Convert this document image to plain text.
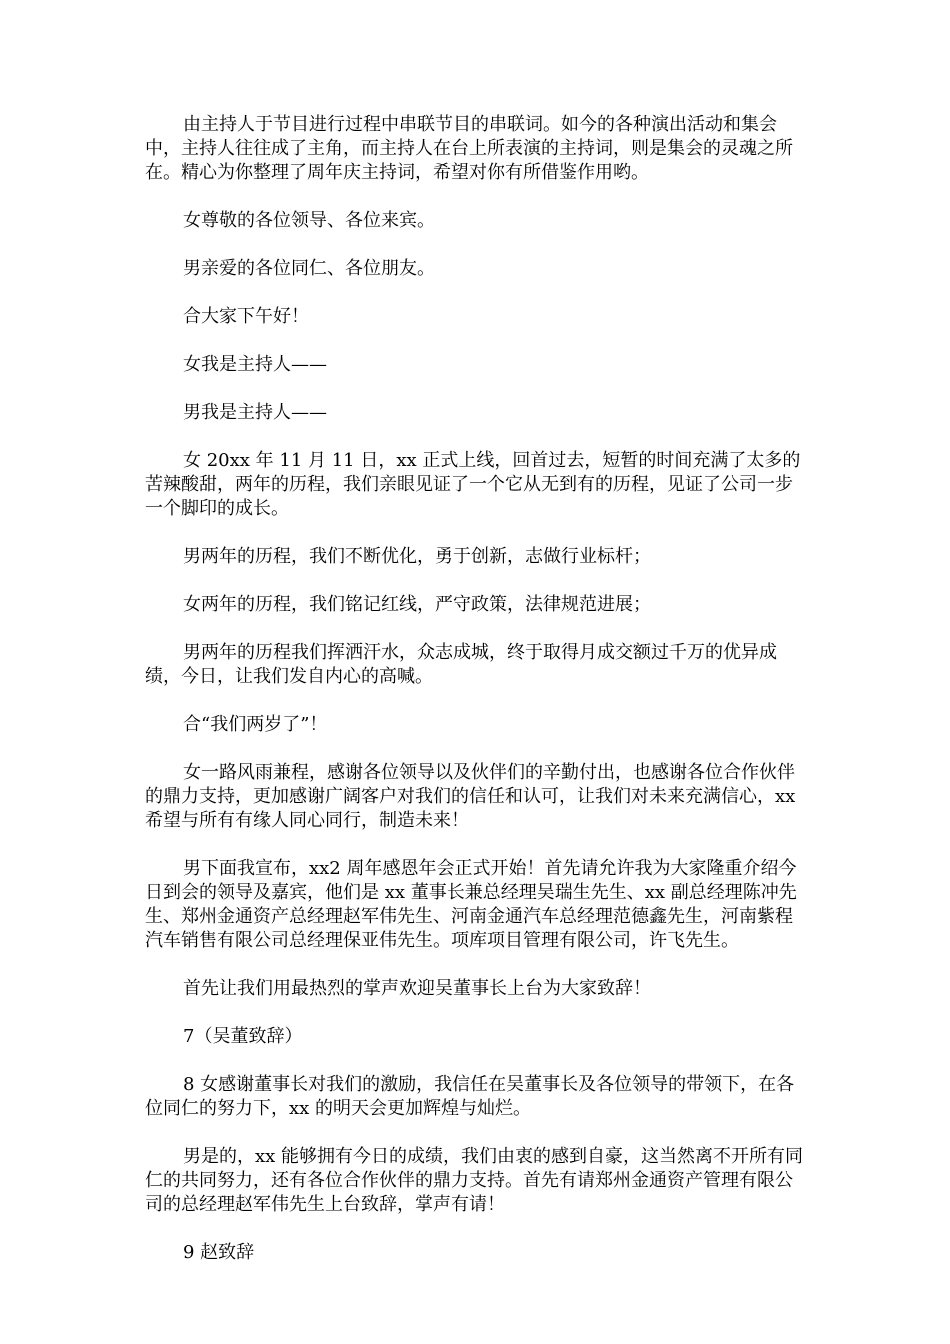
由主持人于节目进行过程中串联节目的串联词。如今的各种演出活动和集会中，主持人往往成了主角，而主持人在台上所表演的主持词，则是集会的灵魂之所在。精心为你整理了周年庆主持词，希望对你有所借鉴作用哟。

女尊敬的各位领导、各位来宾。

男亲爱的各位同仁、各位朋友。

合大家下午好！

女我是主持人——

男我是主持人——

女 20xx 年 11 月 11 日，xx 正式上线，回首过去，短暂的时间充满了太多的苦辣酸甜，两年的历程，我们亲眼见证了一个它从无到有的历程，见证了公司一步一个脚印的成长。

男两年的历程，我们不断优化，勇于创新，志做行业标杆；

女两年的历程，我们铭记红线，严守政策，法律规范进展；

男两年的历程我们挥洒汗水，众志成城，终于取得月成交额过千万的优异成绩，今日，让我们发自内心的高喊。

合“我们两岁了”！

女一路风雨兼程，感谢各位领导以及伙伴们的辛勤付出，也感谢各位合作伙伴的鼎力支持，更加感谢广阔客户对我们的信任和认可，让我们对未来充满信心，xx 希望与所有有缘人同心同行，制造未来！

男下面我宣布，xx2 周年感恩年会正式开始！首先请允许我为大家隆重介绍今日到会的领导及嘉宾，他们是 xx 董事长兼总经理吴瑞生先生、xx 副总经理陈冲先生、郑州金通资产总经理赵军伟先生、河南金通汽车总经理范德鑫先生，河南紫程汽车销售有限公司总经理保亚伟先生。项库项目管理有限公司，许飞先生。

首先让我们用最热烈的掌声欢迎吴董事长上台为大家致辞！

7（吴董致辞）

8 女感谢董事长对我们的激励，我信任在吴董事长及各位领导的带领下，在各位同仁的努力下，xx 的明天会更加辉煌与灿烂。

男是的，xx 能够拥有今日的成绩，我们由衷的感到自豪，这当然离不开所有同仁的共同努力，还有各位合作伙伴的鼎力支持。首先有请郑州金通资产管理有限公司的总经理赵军伟先生上台致辞，掌声有请！

9 赵致辞
